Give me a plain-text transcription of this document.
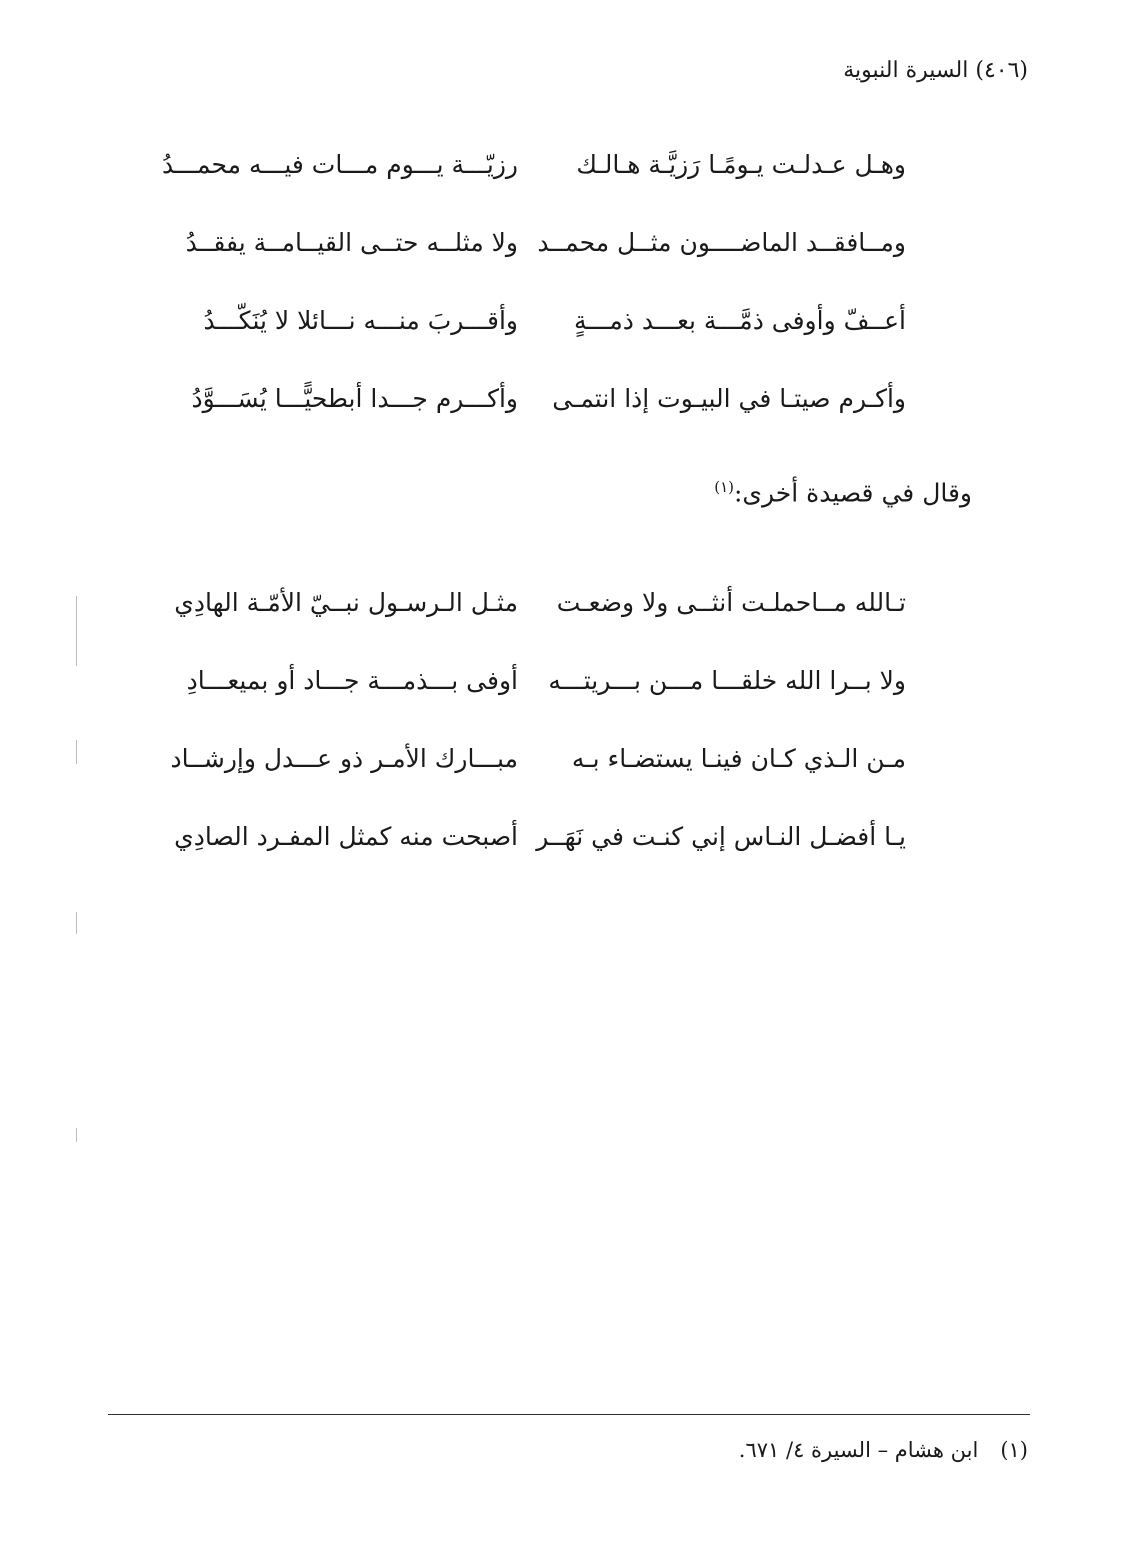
(٤٠٦) السيرة النبوية
وهـل عـدلـت يـومًـا رَزيَّـة هـالـك
رزيّـــة يـــوم مـــات فيـــه محمـــدُ
ومــافقــد الماضــــون مثــل محمــد
ولا مثلــه حتــى القيــامــة يفقــدُ
أعــفّ وأوفى ذمَّـــة بعـــد ذمـــةٍ
وأقـــربَ منـــه نـــائلا لا يُنَكّـــدُ
وأكـرم صيتـا في البيـوت إذا انتمـى
وأكـــرم جـــدا أبطحيًّـــا يُسَـــوَّدُ
وقال في قصيدة أخرى:$^{(١)}$
تـالله مــاحملـت أنثــى ولا وضعـت
مثـل الـرسـول نبــيّ الأمّـة الهادِي
ولا بــرا الله خلقـــا مـــن بـــريتـــه
أوفى بـــذمـــة جـــاد أو بميعـــادِ
مـن الـذي كـان فينـا يستضـاء بـه
مبـــارك الأمـر ذو عـــدل وإرشــاد
يـا أفضـل النـاس إني كنـت في نَهَــر
أصبحت منه كمثل المفـرد الصادِي
(١)ابن هشام – السيرة ٤/ ٦٧١.
